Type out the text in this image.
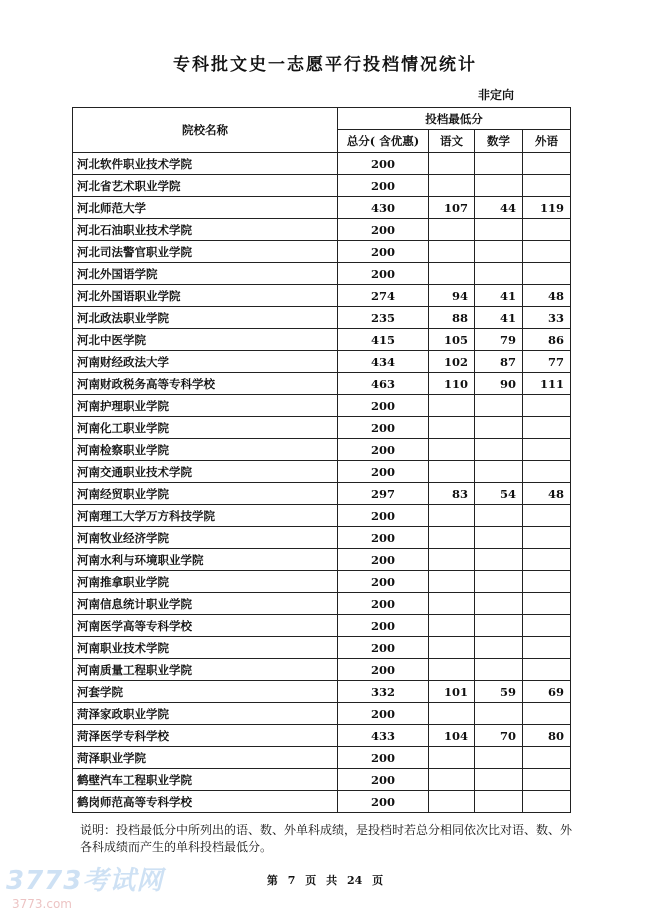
专科批文史一志愿平行投档情况统计
非定向
院校名称	投档最低分			
	总分( 含优惠)	语文	数学	外语
河北软件职业技术学院	200			
河北省艺术职业学院	200			
河北师范大学	430	107	44	119
河北石油职业技术学院	200			
河北司法警官职业学院	200			
河北外国语学院	200			
河北外国语职业学院	274	94	41	48
河北政法职业学院	235	88	41	33
河北中医学院	415	105	79	86
河南财经政法大学	434	102	87	77
河南财政税务高等专科学校	463	110	90	111
河南护理职业学院	200			
河南化工职业学院	200			
河南检察职业学院	200			
河南交通职业技术学院	200			
河南经贸职业学院	297	83	54	48
河南理工大学万方科技学院	200			
河南牧业经济学院	200			
河南水利与环境职业学院	200			
河南推拿职业学院	200			
河南信息统计职业学院	200			
河南医学高等专科学校	200			
河南职业技术学院	200			
河南质量工程职业学院	200			
河套学院	332	101	59	69
菏泽家政职业学院	200			
菏泽医学专科学校	433	104	70	80
菏泽职业学院	200			
鹤壁汽车工程职业学院	200			
鹤岗师范高等专科学校	200			
说明：投档最低分中所列出的语、数、外单科成绩，是投档时若总分相同依次比对语、数、外各科成绩而产生的单科投档最低分。
第 7 页 共 24 页
3773考试网
3773.com
